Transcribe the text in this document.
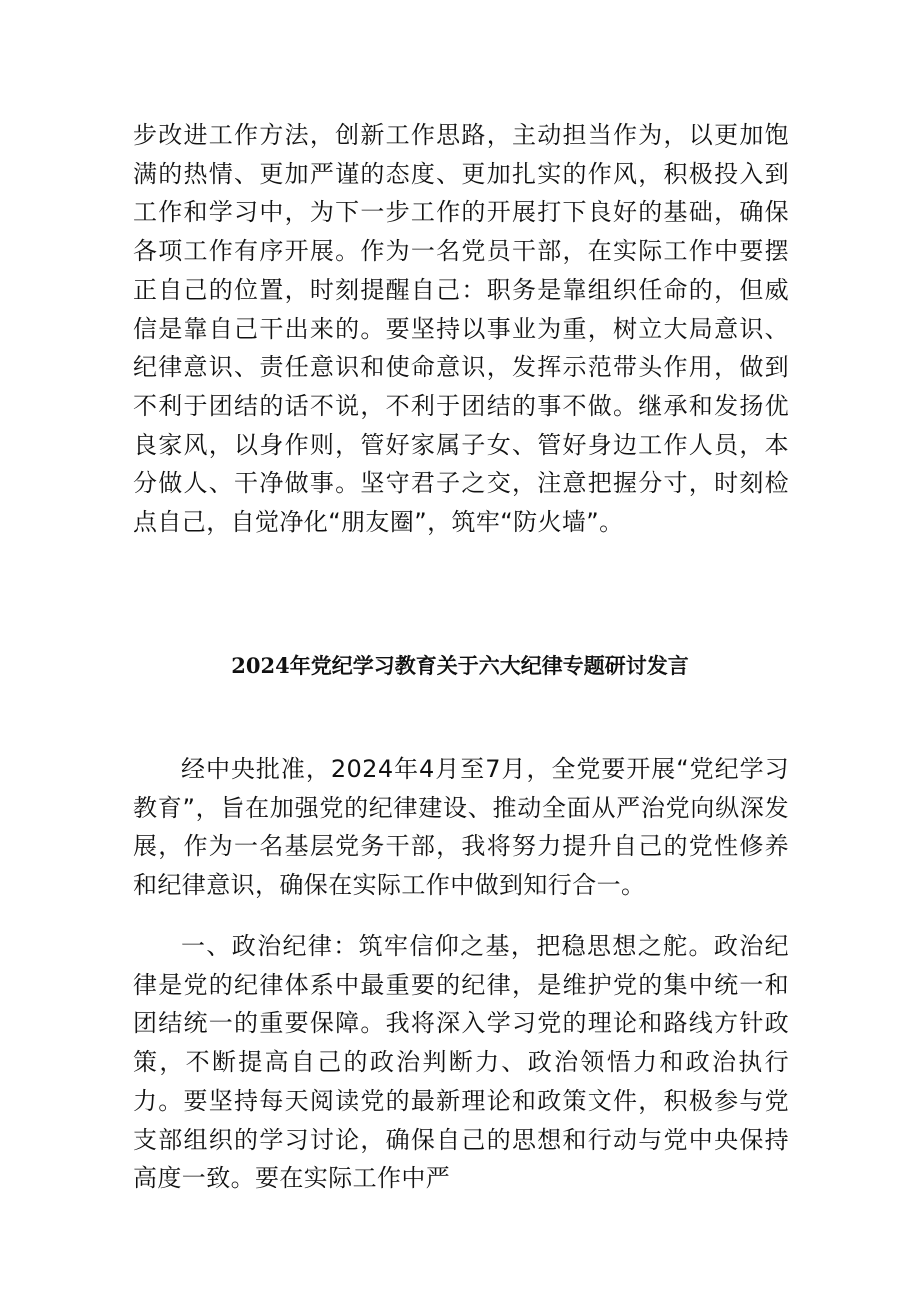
步改进工作方法，创新工作思路，主动担当作为，以更加饱满的热情、更加严谨的态度、更加扎实的作风，积极投入到工作和学习中，为下一步工作的开展打下良好的基础，确保各项工作有序开展。作为一名党员干部，在实际工作中要摆正自己的位置，时刻提醒自己：职务是靠组织任命的，但威信是靠自己干出来的。要坚持以事业为重，树立大局意识、纪律意识、责任意识和使命意识，发挥示范带头作用，做到不利于团结的话不说，不利于团结的事不做。继承和发扬优良家风，以身作则，管好家属子女、管好身边工作人员，本分做人、干净做事。坚守君子之交，注意把握分寸，时刻检点自己，自觉净化“朋友圈”，筑牢“防火墙”。

2024年党纪学习教育关于六大纪律专题研讨发言

经中央批准，2024年4月至7月，全党要开展“党纪学习教育”，旨在加强党的纪律建设、推动全面从严治党向纵深发展，作为一名基层党务干部，我将努力提升自己的党性修养和纪律意识，确保在实际工作中做到知行合一。

一、政治纪律：筑牢信仰之基，把稳思想之舵。政治纪律是党的纪律体系中最重要的纪律，是维护党的集中统一和团结统一的重要保障。我将深入学习党的理论和路线方针政策，不断提高自己的政治判断力、政治领悟力和政治执行力。要坚持每天阅读党的最新理论和政策文件，积极参与党支部组织的学习讨论，确保自己的思想和行动与党中央保持高度一致。要在实际工作中严
